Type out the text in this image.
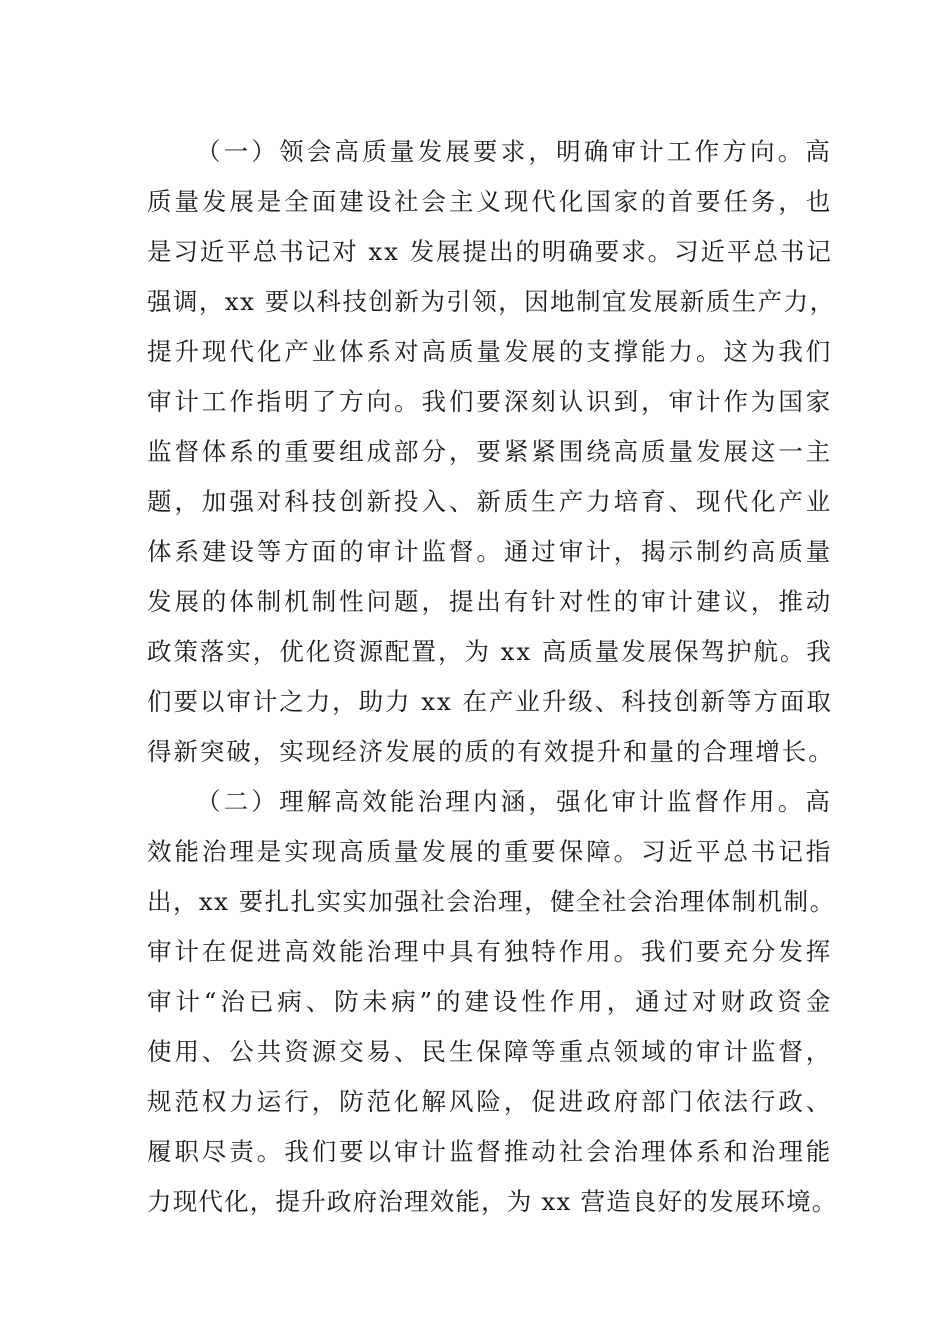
（一）领会高质量发展要求，明确审计工作方向。高
质量发展是全面建设社会主义现代化国家的首要任务，也
是习近平总书记对 xx 发展提出的明确要求。习近平总书记
强调，xx 要以科技创新为引领，因地制宜发展新质生产力，
提升现代化产业体系对高质量发展的支撑能力。这为我们
审计工作指明了方向。我们要深刻认识到，审计作为国家
监督体系的重要组成部分，要紧紧围绕高质量发展这一主
题，加强对科技创新投入、新质生产力培育、现代化产业
体系建设等方面的审计监督。通过审计，揭示制约高质量
发展的体制机制性问题，提出有针对性的审计建议，推动
政策落实，优化资源配置，为 xx 高质量发展保驾护航。我
们要以审计之力，助力 xx 在产业升级、科技创新等方面取
得新突破，实现经济发展的质的有效提升和量的合理增长。
（二）理解高效能治理内涵，强化审计监督作用。高
效能治理是实现高质量发展的重要保障。习近平总书记指
出，xx 要扎扎实实加强社会治理，健全社会治理体制机制。
审计在促进高效能治理中具有独特作用。我们要充分发挥
审计“治已病、防未病”的建设性作用，通过对财政资金
使用、公共资源交易、民生保障等重点领域的审计监督，
规范权力运行，防范化解风险，促进政府部门依法行政、
履职尽责。我们要以审计监督推动社会治理体系和治理能
力现代化，提升政府治理效能，为 xx 营造良好的发展环境。
